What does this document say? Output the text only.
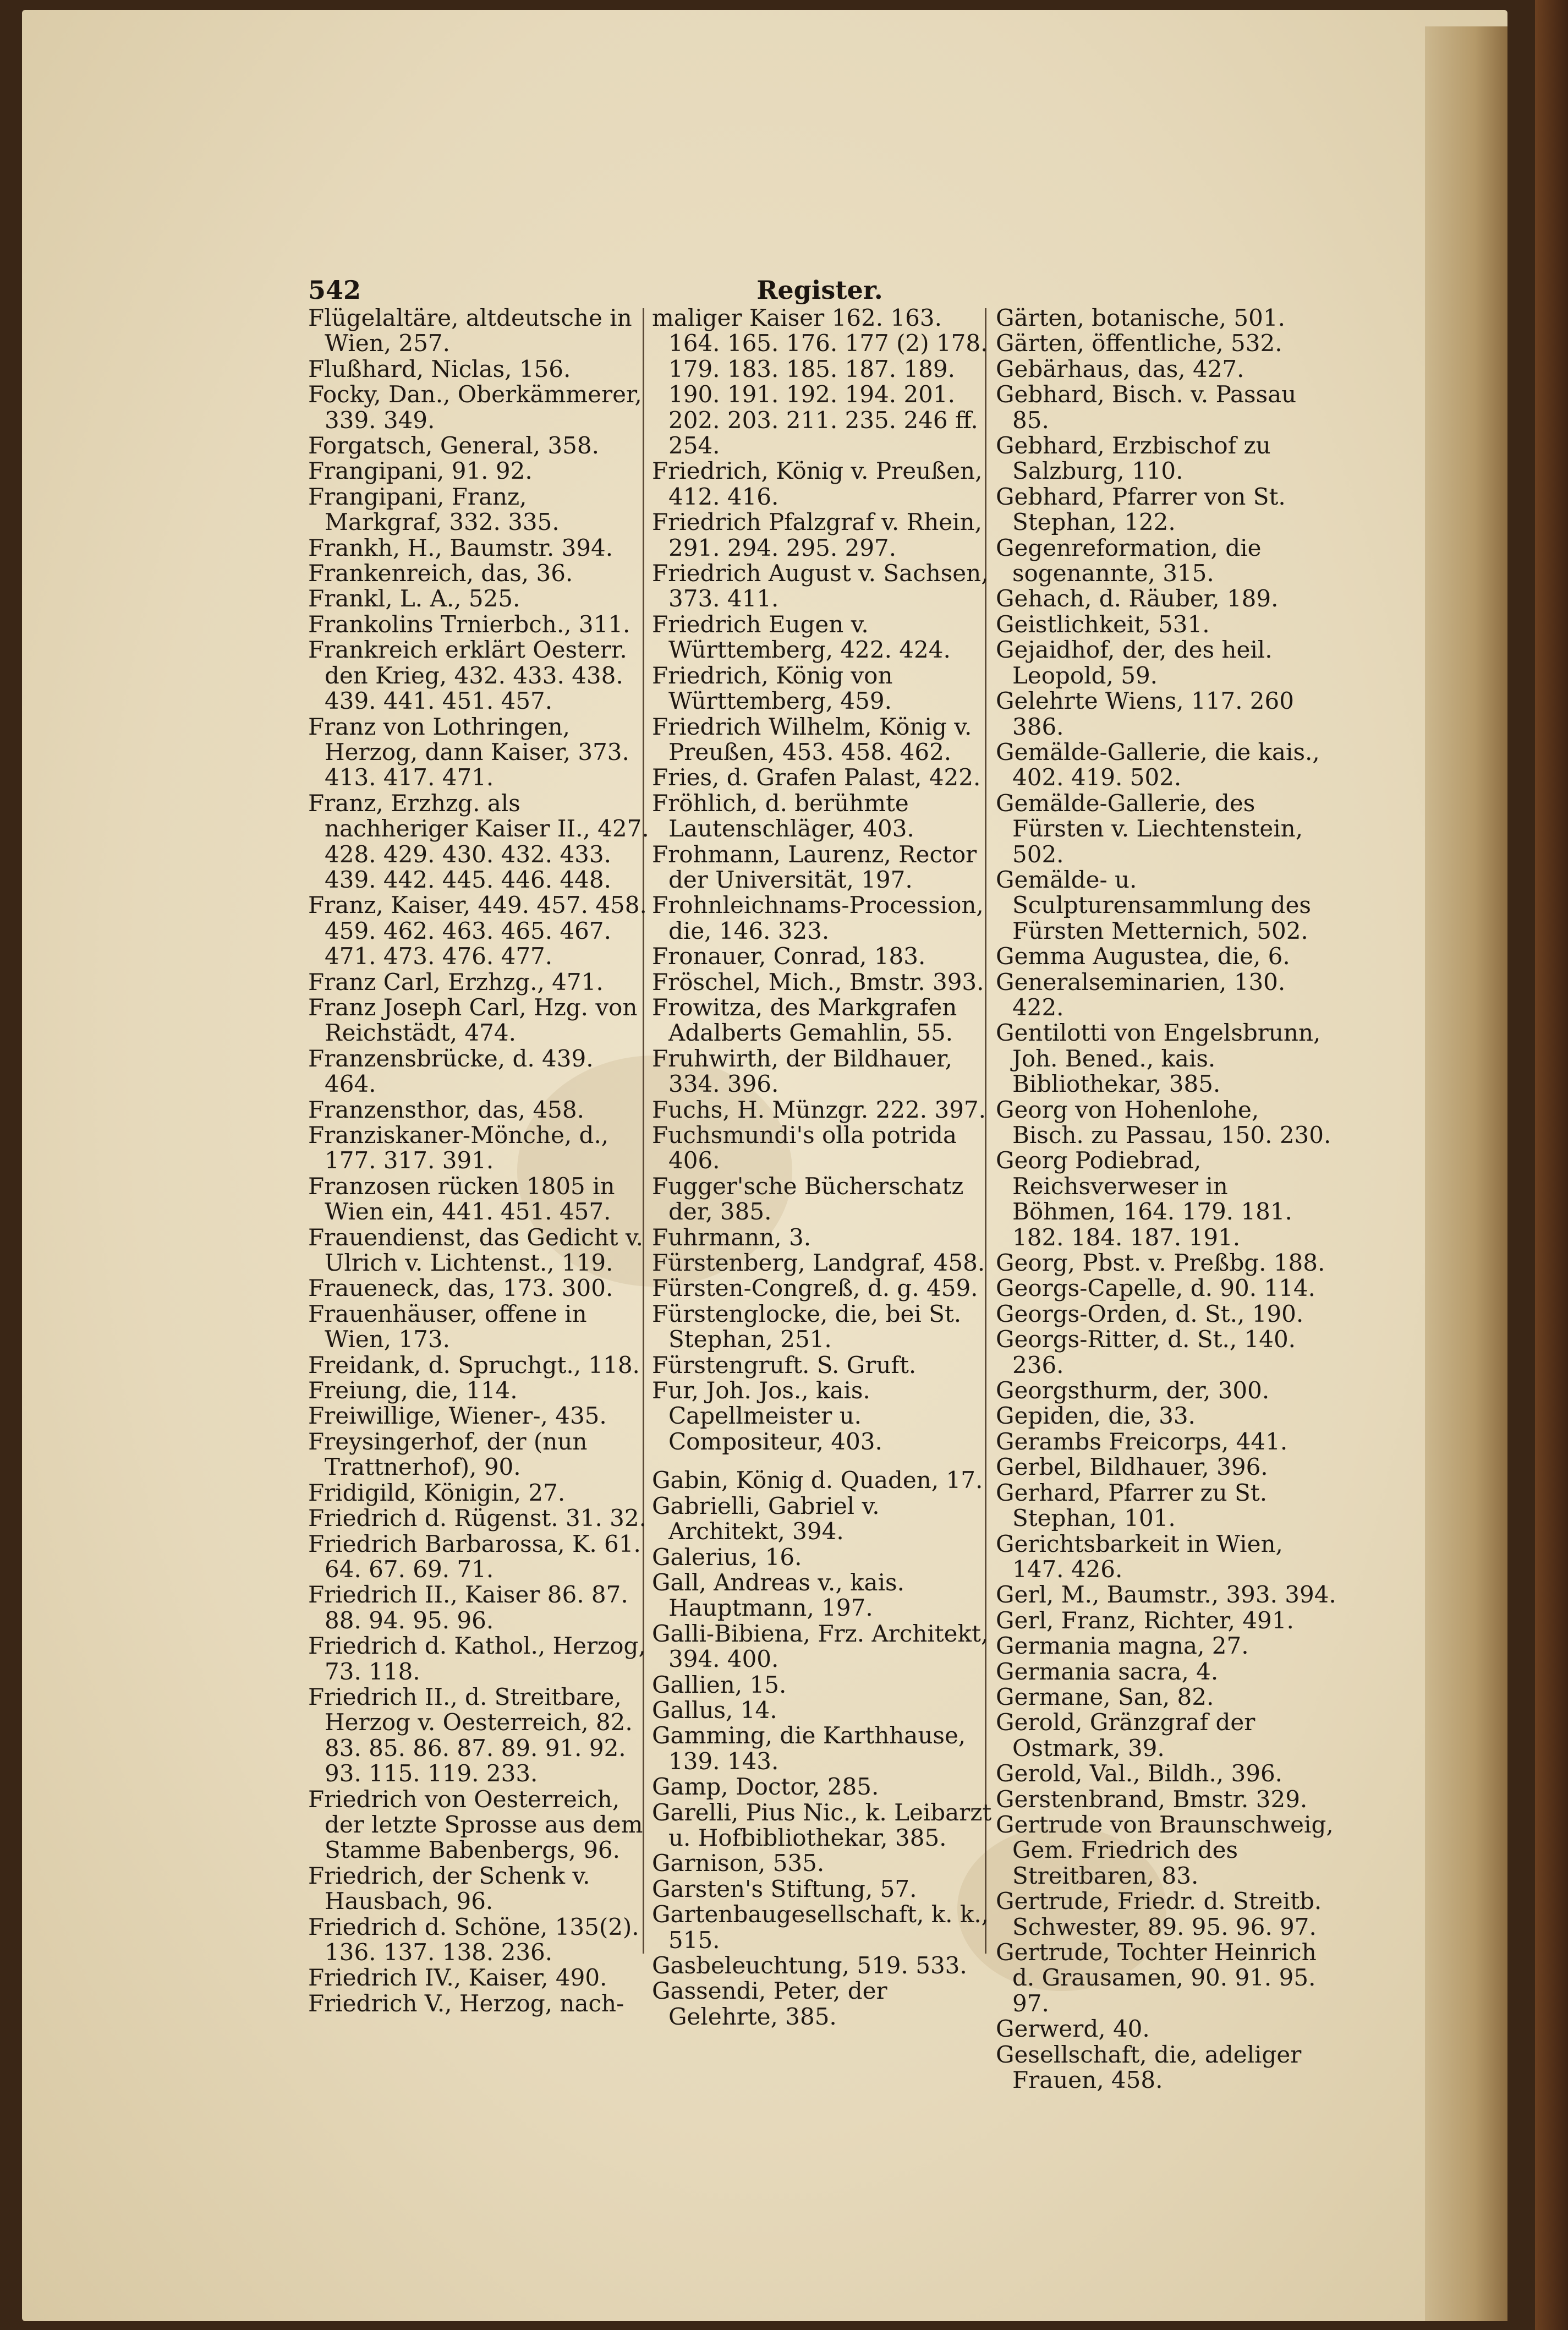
542	Register.

Flügelaltäre, altdeutsche in Wien, 257.

Flußhard, Niclas, 156.

Focky, Dan., Oberkämmerer, 339. 349.

Forgatsch, General, 358.

Frangipani, 91. 92.

Frangipani, Franz, Markgraf, 332. 335.

Frankh, H., Baumstr. 394.

Frankenreich, das, 36.

Frankl, L. A., 525.

Frankolins Trnierbch., 311.

Frankreich erklärt Oesterr. den Krieg, 432. 433. 438. 439. 441. 451. 457.

Franz von Lothringen, Herzog, dann Kaiser, 373. 413. 417. 471.

Franz, Erzhzg. als nachheriger Kaiser II., 427. 428. 429. 430. 432. 433. 439. 442. 445. 446. 448.

Franz, Kaiser, 449. 457. 458. 459. 462. 463. 465. 467. 471. 473. 476. 477.

Franz Carl, Erzhzg., 471.

Franz Joseph Carl, Hzg. von Reichstädt, 474.

Franzensbrücke, d. 439. 464.

Franzensthor, das, 458.

Franziskaner-Mönche, d., 177. 317. 391.

Franzosen rücken 1805 in Wien ein, 441. 451. 457.

Frauendienst, das Gedicht v. Ulrich v. Lichtenst., 119.

Fraueneck, das, 173. 300.

Frauenhäuser, offene in Wien, 173.

Freidank, d. Spruchgt., 118.

Freiung, die, 114.

Freiwillige, Wiener-, 435.

Freysingerhof, der (nun Trattnerhof), 90.

Fridigild, Königin, 27.

Friedrich d. Rügenst. 31. 32.

Friedrich Barbarossa, K. 61. 64. 67. 69. 71.

Friedrich II., Kaiser 86. 87. 88. 94. 95. 96.

Friedrich d. Kathol., Herzog, 73. 118.

Friedrich II., d. Streitbare, Herzog v. Oesterreich, 82. 83. 85. 86. 87. 89. 91. 92. 93. 115. 119. 233.

Friedrich von Oesterreich, der letzte Sprosse aus dem Stamme Babenbergs, 96.

Friedrich, der Schenk v. Hausbach, 96.

Friedrich d. Schöne, 135(2). 136. 137. 138. 236.

Friedrich IV., Kaiser, 490.

Friedrich V., Herzog, nach-

maliger Kaiser 162. 163. 164. 165. 176. 177 (2) 178. 179. 183. 185. 187. 189. 190. 191. 192. 194. 201. 202. 203. 211. 235. 246 ff. 254.

Friedrich, König v. Preußen, 412. 416.

Friedrich Pfalzgraf v. Rhein, 291. 294. 295. 297.

Friedrich August v. Sachsen, 373. 411.

Friedrich Eugen v. Württemberg, 422. 424.

Friedrich, König von Württemberg, 459.

Friedrich Wilhelm, König v. Preußen, 453. 458. 462.

Fries, d. Grafen Palast, 422.

Fröhlich, d. berühmte Lautenschläger, 403.

Frohmann, Laurenz, Rector der Universität, 197.

Frohnleichnams-Procession, die, 146. 323.

Fronauer, Conrad, 183.

Fröschel, Mich., Bmstr. 393.

Frowitza, des Markgrafen Adalberts Gemahlin, 55.

Fruhwirth, der Bildhauer, 334. 396.

Fuchs, H. Münzgr. 222. 397.

Fuchsmundi's olla potrida 406.

Fugger'sche Bücherschatz der, 385.

Fuhrmann, 3.

Fürstenberg, Landgraf, 458.

Fürsten-Congreß, d. g. 459.

Fürstenglocke, die, bei St. Stephan, 251.

Fürstengruft. S. Gruft.

Fur, Joh. Jos., kais. Capellmeister u. Compositeur, 403.

Gabin, König d. Quaden, 17.

Gabrielli, Gabriel v. Architekt, 394.

Galerius, 16.

Gall, Andreas v., kais. Hauptmann, 197.

Galli-Bibiena, Frz. Architekt, 394. 400.

Gallien, 15.

Gallus, 14.

Gamming, die Karthhause, 139. 143.

Gamp, Doctor, 285.

Garelli, Pius Nic., k. Leibarzt u. Hofbibliothekar, 385.

Garnison, 535.

Garsten's Stiftung, 57.

Gartenbaugesellschaft, k. k., 515.

Gasbeleuchtung, 519. 533.

Gassendi, Peter, der Gelehrte, 385.

Gärten, botanische, 501.

Gärten, öffentliche, 532.

Gebärhaus, das, 427.

Gebhard, Bisch. v. Passau 85.

Gebhard, Erzbischof zu Salzburg, 110.

Gebhard, Pfarrer von St. Stephan, 122.

Gegenreformation, die sogenannte, 315.

Gehach, d. Räuber, 189.

Geistlichkeit, 531.

Gejaidhof, der, des heil. Leopold, 59.

Gelehrte Wiens, 117. 260 386.

Gemälde-Gallerie, die kais., 402. 419. 502.

Gemälde-Gallerie, des Fürsten v. Liechtenstein, 502.

Gemälde- u. Sculpturensammlung des Fürsten Metternich, 502.

Gemma Augustea, die, 6.

Generalseminarien, 130. 422.

Gentilotti von Engelsbrunn, Joh. Bened., kais. Bibliothekar, 385.

Georg von Hohenlohe, Bisch. zu Passau, 150. 230.

Georg Podiebrad, Reichsverweser in Böhmen, 164. 179. 181. 182. 184. 187. 191.

Georg, Pbst. v. Preßbg. 188.

Georgs-Capelle, d. 90. 114.

Georgs-Orden, d. St., 190.

Georgs-Ritter, d. St., 140. 236.

Georgsthurm, der, 300.

Gepiden, die, 33.

Gerambs Freicorps, 441.

Gerbel, Bildhauer, 396.

Gerhard, Pfarrer zu St. Stephan, 101.

Gerichtsbarkeit in Wien, 147. 426.

Gerl, M., Baumstr., 393. 394.

Gerl, Franz, Richter, 491.

Germania magna, 27.

Germania sacra, 4.

Germane, San, 82.

Gerold, Gränzgraf der Ostmark, 39.

Gerold, Val., Bildh., 396.

Gerstenbrand, Bmstr. 329.

Gertrude von Braunschweig, Gem. Friedrich des Streitbaren, 83.

Gertrude, Friedr. d. Streitb. Schwester, 89. 95. 96. 97.

Gertrude, Tochter Heinrich d. Grausamen, 90. 91. 95. 97.

Gerwerd, 40.

Gesellschaft, die, adeliger Frauen, 458.
